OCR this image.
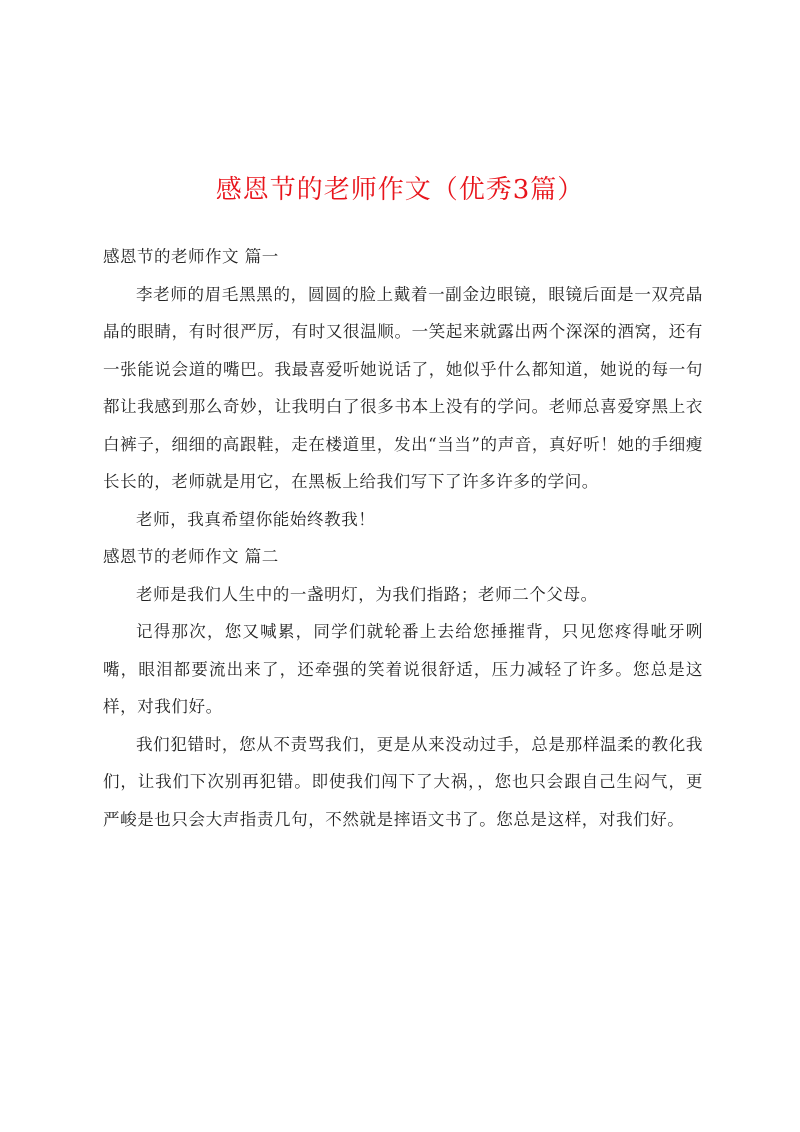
感恩节的老师作文（优秀3篇）

感恩节的老师作文 篇一

李老师的眉毛黑黑的，圆圆的脸上戴着一副金边眼镜，眼镜后面是一双亮晶晶的眼睛，有时很严厉，有时又很温顺。一笑起来就露出两个深深的酒窝，还有一张能说会道的嘴巴。我最喜爱听她说话了，她似乎什么都知道，她说的每一句都让我感到那么奇妙，让我明白了很多书本上没有的学问。老师总喜爱穿黑上衣白裤子，细细的高跟鞋，走在楼道里，发出“当当”的声音，真好听！她的手细瘦长长的，老师就是用它，在黑板上给我们写下了许多许多的学问。

老师，我真希望你能始终教我！

感恩节的老师作文 篇二

老师是我们人生中的一盏明灯，为我们指路；老师二个父母。

记得那次，您又喊累，同学们就轮番上去给您捶摧背，只见您疼得呲牙咧嘴，眼泪都要流出来了，还牵强的笑着说很舒适，压力减轻了许多。您总是这样，对我们好。

我们犯错时，您从不责骂我们，更是从来没动过手，总是那样温柔的教化我们，让我们下次别再犯错。即使我们闯下了大祸，，您也只会跟自己生闷气，更严峻是也只会大声指责几句，不然就是摔语文书了。您总是这样，对我们好。
